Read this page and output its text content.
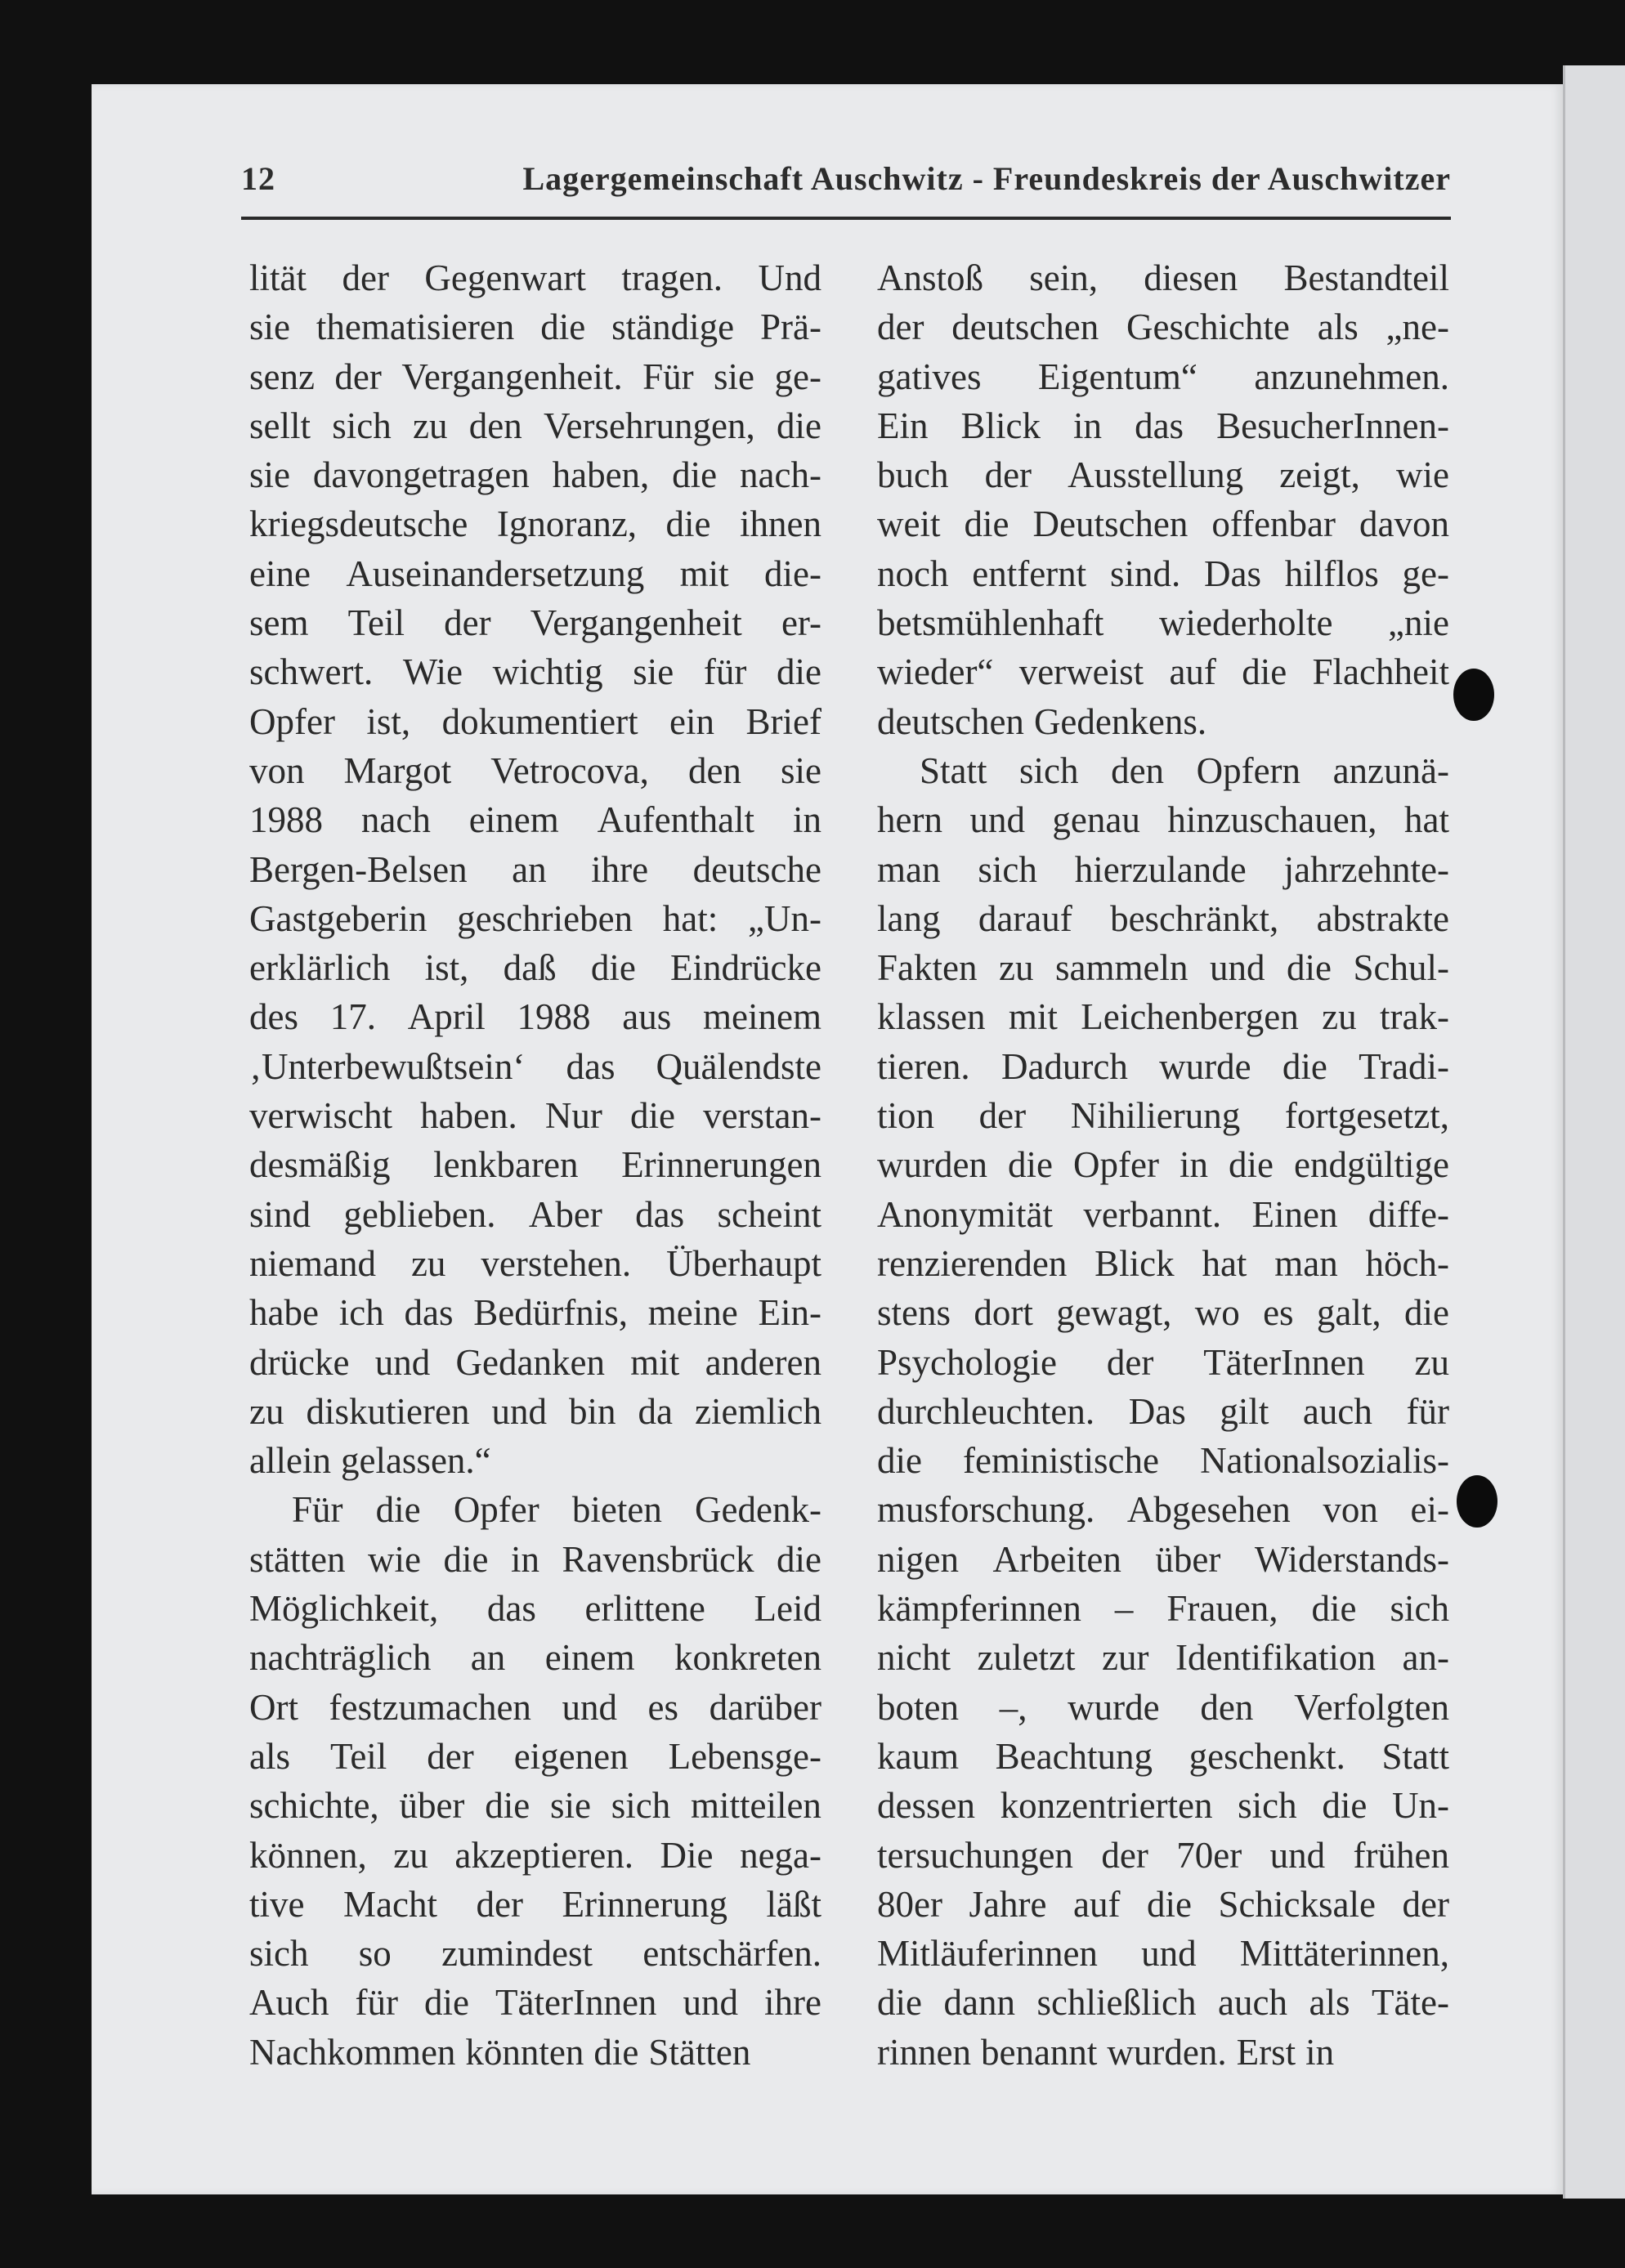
12	Lagergemeinschaft Auschwitz - Freundeskreis der Auschwitzer
lität der Gegenwart tragen. Und
sie thematisieren die ständige Prä-
senz der Vergangenheit. Für sie ge-
sellt sich zu den Versehrungen, die
sie davongetragen haben, die nach-
kriegsdeutsche Ignoranz, die ihnen
eine Auseinandersetzung mit die-
sem Teil der Vergangenheit er-
schwert. Wie wichtig sie für die
Opfer ist, dokumentiert ein Brief
von Margot Vetrocova, den sie
1988 nach einem Aufenthalt in
Bergen-Belsen an ihre deutsche
Gastgeberin geschrieben hat: „Un-
erklärlich ist, daß die Eindrücke
des 17. April 1988 aus meinem
‚Unterbewußtsein‘ das Quälendste
verwischt haben. Nur die verstan-
desmäßig lenkbaren Erinnerungen
sind geblieben. Aber das scheint
niemand zu verstehen. Überhaupt
habe ich das Bedürfnis, meine Ein-
drücke und Gedanken mit anderen
zu diskutieren und bin da ziemlich
allein gelassen.“
Für die Opfer bieten Gedenk-
stätten wie die in Ravensbrück die
Möglichkeit, das erlittene Leid
nachträglich an einem konkreten
Ort festzumachen und es darüber
als Teil der eigenen Lebensge-
schichte, über die sie sich mitteilen
können, zu akzeptieren. Die nega-
tive Macht der Erinnerung läßt
sich so zumindest entschärfen.
Auch für die TäterInnen und ihre
Nachkommen könnten die Stätten
Anstoß sein, diesen Bestandteil
der deutschen Geschichte als „ne-
gatives Eigentum“ anzunehmen.
Ein Blick in das BesucherInnen-
buch der Ausstellung zeigt, wie
weit die Deutschen offenbar davon
noch entfernt sind. Das hilflos ge-
betsmühlenhaft wiederholte „nie
wieder“ verweist auf die Flachheit
deutschen Gedenkens.
Statt sich den Opfern anzunä-
hern und genau hinzuschauen, hat
man sich hierzulande jahrzehnte-
lang darauf beschränkt, abstrakte
Fakten zu sammeln und die Schul-
klassen mit Leichenbergen zu trak-
tieren. Dadurch wurde die Tradi-
tion der Nihilierung fortgesetzt,
wurden die Opfer in die endgültige
Anonymität verbannt. Einen diffe-
renzierenden Blick hat man höch-
stens dort gewagt, wo es galt, die
Psychologie der TäterInnen zu
durchleuchten. Das gilt auch für
die feministische Nationalsozialis-
musforschung. Abgesehen von ei-
nigen Arbeiten über Widerstands-
kämpferinnen – Frauen, die sich
nicht zuletzt zur Identifikation an-
boten –, wurde den Verfolgten
kaum Beachtung geschenkt. Statt
dessen konzentrierten sich die Un-
tersuchungen der 70er und frühen
80er Jahre auf die Schicksale der
Mitläuferinnen und Mittäterinnen,
die dann schließlich auch als Täte-
rinnen benannt wurden. Erst in
